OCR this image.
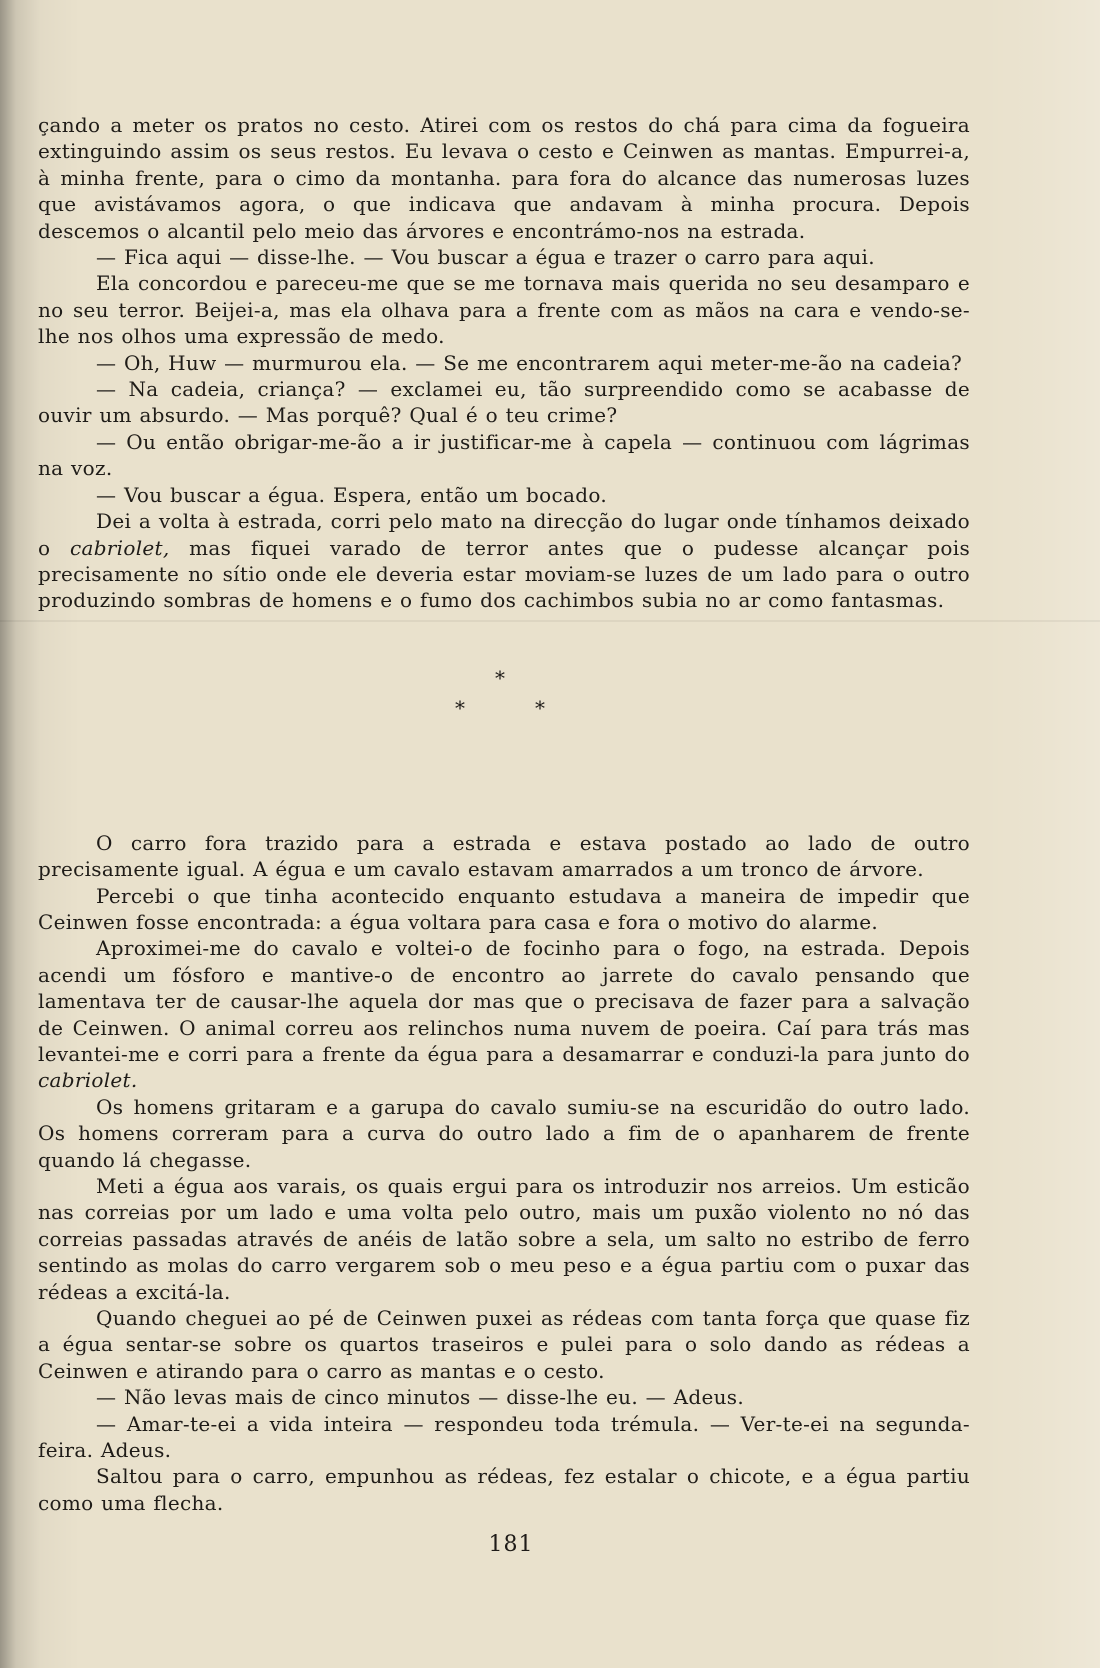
çando a meter os pratos no cesto. Atirei com os restos do chá para cima da fogueira extinguindo assim os seus restos. Eu levava o cesto e Ceinwen as mantas. Empurrei-a, à minha frente, para o cimo da montanha. para fora do alcance das numerosas luzes que avistávamos agora, o que indicava que andavam à minha procura. Depois descemos o alcantil pelo meio das árvores e encontrámo-nos na estrada.

— Fica aqui — disse-lhe. — Vou buscar a égua e trazer o carro para aqui.

Ela concordou e pareceu-me que se me tornava mais querida no seu desamparo e no seu terror. Beijei-a, mas ela olhava para a frente com as mãos na cara e vendo-se-lhe nos olhos uma expressão de medo.

— Oh, Huw — murmurou ela. — Se me encontrarem aqui meter-me-ão na cadeia?

— Na cadeia, criança? — exclamei eu, tão surpreendido como se acabasse de ouvir um absurdo. — Mas porquê? Qual é o teu crime?

— Ou então obrigar-me-ão a ir justificar-me à capela — continuou com lágrimas na voz.

— Vou buscar a égua. Espera, então um bocado.

Dei a volta à estrada, corri pelo mato na direcção do lugar onde tínhamos deixado o cabriolet, mas fiquei varado de terror antes que o pudesse alcançar pois precisamente no sítio onde ele deveria estar moviam-se luzes de um lado para o outro produzindo sombras de homens e o fumo dos cachimbos subia no ar como fantasmas.

*
*	*

O carro fora trazido para a estrada e estava postado ao lado de outro precisamente igual. A égua e um cavalo estavam amarrados a um tronco de árvore.

Percebi o que tinha acontecido enquanto estudava a maneira de impedir que Ceinwen fosse encontrada: a égua voltara para casa e fora o motivo do alarme.

Aproximei-me do cavalo e voltei-o de focinho para o fogo, na estrada. Depois acendi um fósforo e mantive-o de encontro ao jarrete do cavalo pensando que lamentava ter de causar-lhe aquela dor mas que o precisava de fazer para a salvação de Ceinwen. O animal correu aos relinchos numa nuvem de poeira. Caí para trás mas levantei-me e corri para a frente da égua para a desamarrar e conduzi-la para junto do cabriolet.

Os homens gritaram e a garupa do cavalo sumiu-se na escuridão do outro lado. Os homens correram para a curva do outro lado a fim de o apanharem de frente quando lá chegasse.

Meti a égua aos varais, os quais ergui para os introduzir nos arreios. Um esticão nas correias por um lado e uma volta pelo outro, mais um puxão violento no nó das correias passadas através de anéis de latão sobre a sela, um salto no estribo de ferro sentindo as molas do carro vergarem sob o meu peso e a égua partiu com o puxar das rédeas a excitá-la.

Quando cheguei ao pé de Ceinwen puxei as rédeas com tanta força que quase fiz a égua sentar-se sobre os quartos traseiros e pulei para o solo dando as rédeas a Ceinwen e atirando para o carro as mantas e o cesto.

— Não levas mais de cinco minutos — disse-lhe eu. — Adeus.

— Amar-te-ei a vida inteira — respondeu toda trémula. — Ver-te-ei na segunda-feira. Adeus.

Saltou para o carro, empunhou as rédeas, fez estalar o chicote, e a égua partiu como uma flecha.

181
